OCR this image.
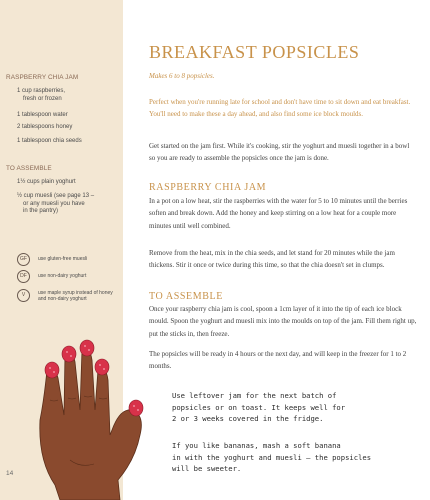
RASPBERRY CHIA JAM
1 cup raspberries,
fresh or frozen
1 tablespoon water
2 tablespoons honey
1 tablespoon chia seeds
TO ASSEMBLE
1½ cups plain yoghurt
½ cup muesli (see page 13 –
or any muesli you have
in the pantry)
GF	use gluten-free muesli
DF	use non-dairy yoghurt
V	use maple syrup instead of honey
and non-dairy yoghurt
14
BREAKFAST POPSICLES
Makes 6 to 8 popsicles.
Perfect when you're running late for school and don't have time to sit down and eat breakfast. You'll need to make these a day ahead, and also find some ice block moulds.
Get started on the jam first. While it's cooking, stir the yoghurt and muesli together in a bowl so you are ready to assemble the popsicles once the jam is done.
RASPBERRY CHIA JAM
In a pot on a low heat, stir the raspberries with the water for 5 to 10 minutes until the berries soften and break down. Add the honey and keep stirring on a low heat for a couple more minutes until well combined.
Remove from the heat, mix in the chia seeds, and let stand for 20 minutes while the jam thickens. Stir it once or twice during this time, so that the chia doesn't set in clumps.
TO ASSEMBLE
Once your raspberry chia jam is cool, spoon a 1cm layer of it into the tip of each ice block mould. Spoon the yoghurt and muesli mix into the moulds on top of the jam. Fill them right up, put the sticks in, then freeze.
The popsicles will be ready in 4 hours or the next day, and will keep in the freezer for 1 to 2 months.
Use leftover jam for the next batch of
popsicles or on toast. It keeps well for
2 or 3 weeks covered in the fridge.
If you like bananas, mash a soft banana
in with the yoghurt and muesli – the popsicles
will be sweeter.
